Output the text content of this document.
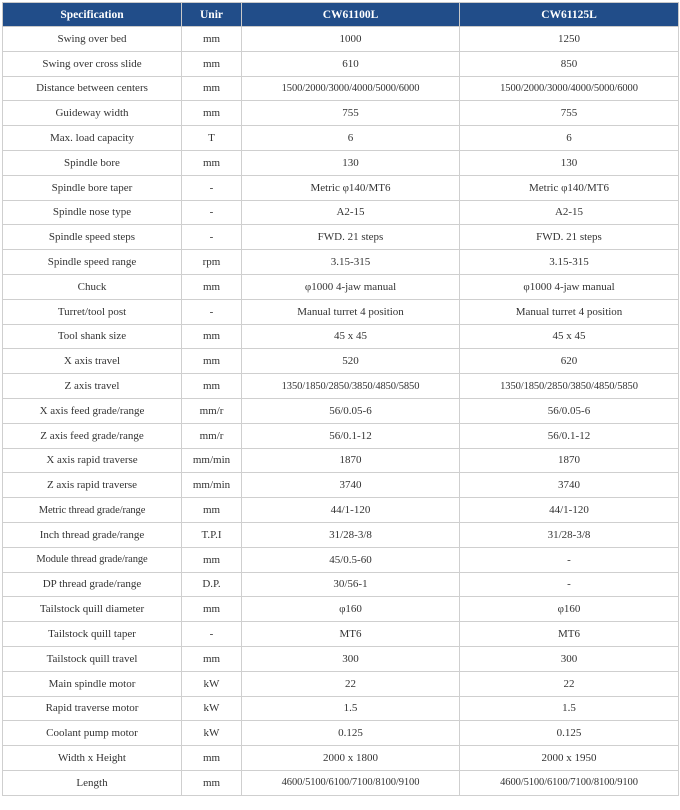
Specification	Unir	CW61100L	CW61125L
Swing over bed	mm	1000	1250
Swing over cross slide	mm	610	850
Distance between centers	mm	1500/2000/3000/4000/5000/6000	1500/2000/3000/4000/5000/6000
Guideway width	mm	755	755
Max. load capacity	T	6	6
Spindle bore	mm	130	130
Spindle bore taper	-	Metric φ140/MT6	Metric φ140/MT6
Spindle nose type	-	A2-15	A2-15
Spindle speed steps	-	FWD. 21 steps	FWD. 21 steps
Spindle speed range	rpm	3.15-315	3.15-315
Chuck	mm	φ1000 4-jaw manual	φ1000 4-jaw manual
Turret/tool post	-	Manual turret 4 position	Manual turret 4 position
Tool shank size	mm	45 x 45	45 x 45
X axis travel	mm	520	620
Z axis travel	mm	1350/1850/2850/3850/4850/5850	1350/1850/2850/3850/4850/5850
X axis feed grade/range	mm/r	56/0.05-6	56/0.05-6
Z axis feed grade/range	mm/r	56/0.1-12	56/0.1-12
X axis rapid traverse	mm/min	1870	1870
Z axis rapid traverse	mm/min	3740	3740
Metric thread grade/range	mm	44/1-120	44/1-120
Inch thread grade/range	T.P.I	31/28-3/8	31/28-3/8
Module thread grade/range	mm	45/0.5-60	-
DP thread grade/range	D.P.	30/56-1	-
Tailstock quill diameter	mm	φ160	φ160
Tailstock quill taper	-	MT6	MT6
Tailstock quill travel	mm	300	300
Main spindle motor	kW	22	22
Rapid traverse motor	kW	1.5	1.5
Coolant pump motor	kW	0.125	0.125
Width x Height	mm	2000 x 1800	2000 x 1950
Length	mm	4600/5100/6100/7100/8100/9100	4600/5100/6100/7100/8100/9100
